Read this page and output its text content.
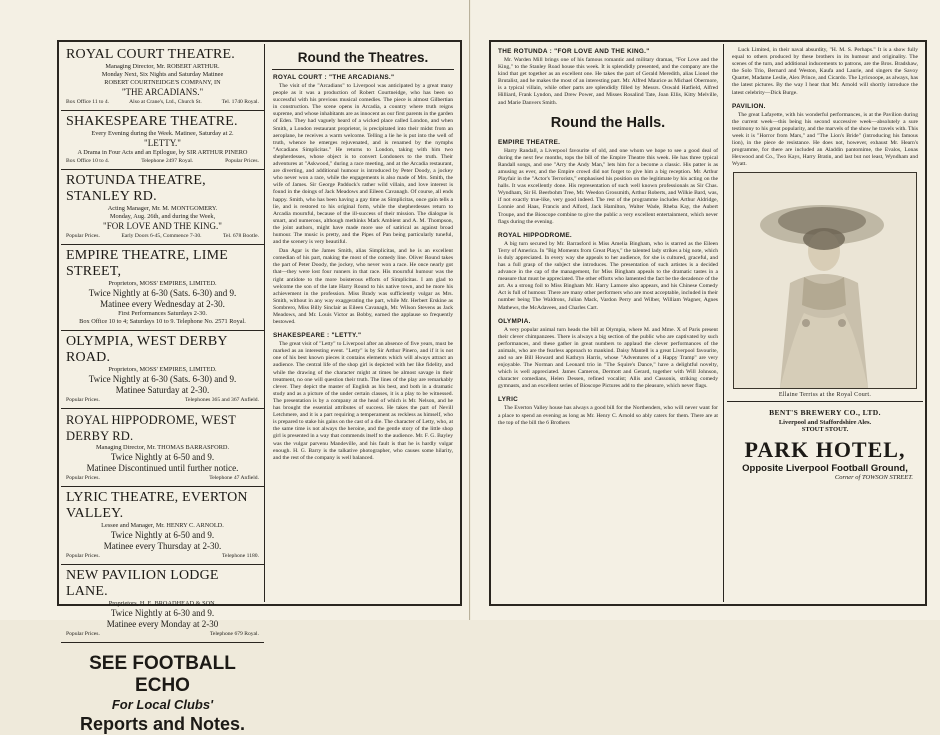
ROYAL COURT THEATRE.
Managing Director, Mr. ROBERT ARTHUR.
Monday Next, Six Nights and Saturday Matinee
ROBERT COURTNEIDGE'S COMPANY, IN
"THE ARCADIANS."
Box Office 11 to 4.	Also at Crane's, Ltd., Church St.	Tel. 1740 Royal.
SHAKESPEARE THEATRE.
Every Evening during the Week. Matinee, Saturday at 2.
"LETTY."
A Drama in Four Acts and an Epilogue, by SIR ARTHUR PINERO
Box Office 10 to 4.	Telephone 2497 Royal.	Popular Prices.
ROTUNDA THEATRE, STANLEY RD.
Acting Manager, Mr. M. MONTGOMERY.
Monday, Aug. 26th, and during the Week,
"FOR LOVE AND THE KING."
Popular Prices.	Early Doors 6-45, Commence 7-30.	Tel. 678 Bootle.
EMPIRE THEATRE, LIME STREET,
Proprietors, MOSS' EMPIRES, LIMITED.
Twice Nightly at 6-30 (Sats. 6-30) and 9.
Matinee every Wednesday at 2-30.
First Performances Saturdays 2-30.
Box Office 10 to 4; Saturdays 10 to 9. Telephone No. 2571 Royal.
OLYMPIA, WEST DERBY ROAD.
Proprietors, MOSS' EMPIRES, LIMITED.
Twice Nightly at 6-30 (Sats. 6-30) and 9.
Matinee Saturday at 2-30.
Popular Prices.	Telephones 365 and 367 Anfield.
ROYAL HIPPODROME, WEST DERBY RD.
Managing Director, Mr. THOMAS BARRASFORD.
Twice Nightly at 6-50 and 9.
Matinee Discontinued until further notice.
Popular Prices.	Telephone 47 Anfield.
LYRIC THEATRE, EVERTON VALLEY.
Lessee and Manager, Mr. HENRY C. ARNOLD.
Twice Nightly at 6-50 and 9.
Matinee every Thursday at 2-30.
Popular Prices.	Telephone 1180.
NEW PAVILION LODGE LANE.
Proprietors, H. E. BROADHEAD & SON.
Twice Nightly at 6-30 and 9.
Matinee every Monday at 2-30
Popular Prices.	Telephone 679 Royal.
SEE FOOTBALL ECHO
For Local Clubs'
Reports and Notes.
Round the Theatres.
ROYAL COURT : "THE ARCADIANS."

The visit of the "Arcadians" to Liverpool was anticipated by a great many people as it was a production of Robert Courtneidge, who has been so successful with his previous musical comedies. The piece is almost Gilbertian in construction. The scene opens in Arcadia, a country where truth reigns supreme, and whose inhabitants are as innocent as our first parents in the garden of Eden. They had vaguely heard of a wicked place called London, and when Smith, a London restaurant proprietor, is precipitated into their midst from an aeroplane, he receives a warm welcome. Telling a lie he is put into the well of truth, whence he emerges rejuvenated, and is renamed by the nymphs "Arcadians Simplicitas." He returns to London, taking with him two shepherdesses, whose object is to convert Londoners to the truth. Their adventures at "Askwood," during a race meeting, and at the Arcadia restaurant, are diverting, and additional humour is introduced by Peter Doody, a jockey who never won a race, while the engagements is also made of Mrs. Smith, the wife of James. Sir George Paddock's rather wild villain, and love interest is found in the doings of Jack Meadows and Eileen Cavanagh. Of course, all ends happy. Smith, who has been having a gay time as Simplicitas, once gain tells a lie, and is restored to his original form, while the shepherdesses return to Arcadia mournful, because of the ill-success of their mission. The dialogue is smart, and numerous, although methinks Mark Ambient and A. M. Thompson, the joint authors, might have made more use of satirical as against broad humour. The music is pretty, and the Pipes of Pan being particularly tuneful, and the scenery is very beautiful.

Dan Agar is the James Smith, alias Simplicitas, and he is an excellent comedian of his part, making the most of the comedy line. Oliver Round takes the part of Peter Doody, the jockey, who never won a race. He once nearly got that—they were lost four runners in that race. His mournful humour was the right antidote to the more boisterous efforts of Simplicitas. I am glad to welcome the son of the late Harry Round to his native town, and he more his achievement in the profession. Miss Brady was sufficiently vulgar as Mrs. Smith, without in any way exaggerating the part, while Mr. Herbert Erskine as Sombrero, Miss Billy Sinclair as Eileen Cavanagh, Mr. Wilson Stevens as Jack Meadows, and Mr. Louis Victor as Bobby, earned the applause so frequently bestowed.

SHAKESPEARE : "LETTY."

The great visit of "Letty" to Liverpool after an absence of five years, must be marked as an interesting event. "Letty" is by Sir Arthur Pinero, and if it is not one of his best known pieces it contains elements which will always attract an audience. The central life of the shop girl is depicted with her like fidelity, and while the drawing of the character might at times be almost savage in their treatment, no one will question their truth. The lines of the play are remarkably clever. They depict the master of English as his best, and both in a dramatic study and as a picture of the under certain classes, it is a play to be witnessed. The presentation is by a company at the head of which is Mr. Nelson, and he has brought the essential attributes of success. He takes the part of Nevill Letchmere, and it is a part requiring a temperament as reckless as himself, who is prepared to stake his gains on the cast of a die. The character of Letty, who, at the same time is not always the heroine, and the gentle story of the little shop girl is presented in a way that commends itself to the audience. Mr. F. G. Bayley was the vulgar parvenu Mandeville, and his fault is that he is hardly vulgar enough. H. G. Barry is the talkative photographer, who causes some hilarity, and the rest of the company is well balanced.

THE ROTUNDA : "FOR LOVE AND THE KING."

Mr. Warden Mill brings one of his famous romantic and military dramas, "For Love and the King," to the Stanley Road house this week. It is splendidly presented, and the company are the kind that get together as an excellent one. He takes the part of Gerald Meredith, alias Lionel the Brutalist, and he makes the most of an interesting part. Mr. Alfred Maurice as Michael Obermore, is a typical villain, while other parts are splendidly filled by Messrs. Oswald Hatfield, Alfred Hilliard, Frank Lyndon, and Drew Power, and Misses Rosalind Tate, Joan Ellis, Kitty Melville, and Marie Danvers Smith.

Round the Halls.
EMPIRE THEATRE.

Harry Randall, a Liverpool favourite of old, and one whom we hope to see a good deal of during the next few months, tops the bill of the Empire Theatre this week. He has three typical Randall songs, and one "Arry the Andy Man," lets him for a become a classic. His patter is as amusing as ever, and the Empire crowd did not forget to give him a big reception. Mr. Arthur Playfair in the "Actor's Terrorists," emphasised his position on the legitimate by his acting on the halls. It was excellently done. His representation of such well known professionals as Sir Chas. Wyndham, Sir H. Beerbohm Tree, Mr. Weedon Grossmith, Arthur Roberts, and Wilkie Bard, was, if not exactly true-like, very good indeed. The rest of the programme includes Arthur Aldridge, Lonnie and Haas, Francis and Alford, Jack Hamilton, Walter Wade, Rheba Kay, the Aubert Troupe, and the Bioscope combine to give the public a very excellent entertainment, which never flags during the evening.

ROYAL HIPPODROME.

A big turn secured by Mr. Barrasford is Miss Amelia Bingham, who is starred as the Eileen Terry of America. In "Big Moments from Great Plays," the talented lady strikes a big note, which is duly appreciated. In every way she appeals to her audience, for she is cultured, graceful, and has a full grasp of the subject she introduces. The presentation of such artistes is a decided advance in the cap of the management, for Miss Bingham appeals to the dramatic tastes in a measure that must be appreciated. The other efforts who lamented the fact be the decadence of the art. As a strong foil to Miss Bingham Mr. Harry Lamore also appears, and his Chinese Comedy Act is full of humour. There are many other performers who are most acceptable, included in their number being The Waldrons, Julian Mack, Vardon Perry and Wilber, William Wagner, Agnes Mathews, the McAdavees, and Charles Cart.

OLYMPIA.

A very popular animal turn heads the bill at Olympia, where M. and Mme. X of Paris present their clever chimpanzees. There is always a big section of the public who are captivated by such performances, and these gather in great numbers to applaud the clever performances of the animals, who are the fearless approach to mankind. Daisy Mantell is a great Liverpool favourite, and so are Bill Howard and Kathryn Harris, whose "Adventures of a Happy Tramp" are very enjoyable. The Norman and Leonard trio in "The Squire's Dance," have a delightful novelty, which is well appreciated. James Cameron, Dermott and Gerard, together with Will Johnson, character comedians, Helen Dessen, refined vocalist; Allis and Cassonis, striking comedy gymnasts, and an excellent series of Bioscope Pictures add to the pleasure, which never flags.

LYRIC

The Everton Valley house has always a good bill for the Northenders, who will never want for a place to spend an evening as long as Mr. Henry C. Arnold so ably caters for them. There are at the top of the bill the 6 Brothers

Luck Limited, in their naval absurdity, "H. M. S. Perhaps." It is a show fully equal to others produced by these brothers in its humour and originality. The scenes of the turn, and additional inducements to patrons, are the Bros. Bradshaw, the Solo Trio, Bernard and Weston, Kaufa and Laurie, and singers the Savoy Quartet, Madame Leslie, Alex Prince, and Cicardo. The Lyricsoope, as always, has the latest pictures. By the way I hear that Mr. Arnold will shortly introduce the latest celebrity—Dick Burge.

PAVILION.

The great Lafayette, with his wonderful performances, is at the Pavilion during the current week—this being his second successive week—absolutely a sure testimony to his great popularity, and the marvels of the show he travels with. This week it is "Horror from Mars," and "The Lion's Bride" (introducing his famous lion), in the piece de resistance. He does not, however, exhaust Mr. Hearn's programme, for there are included an Aladdin pantomime, the Evalos, Lonas Hexwood and Co., Two Kays, Harry Bratin, and last but not least, Wyndham and Wyatt.

Ellaine Terriss at the Royal Court.
BENT'S BREWERY CO., LTD.
Liverpool and Staffordshire Ales.
STOUT STOUT.
PARK HOTEL,
Opposite Liverpool Football Ground,
Corner of TOWSON STREET.
